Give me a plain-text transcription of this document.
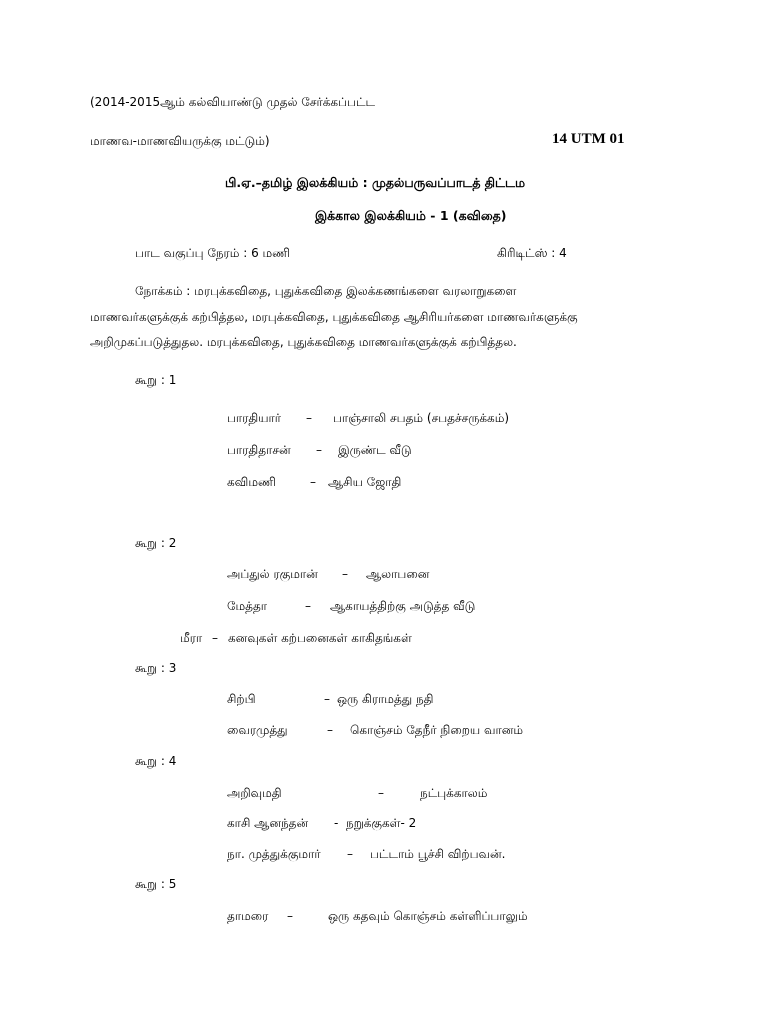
(2014-2015ஆம் கல்வியாண்டு முதல் சேர்க்கப்பட்ட
மாணவ-மாணவியருக்கு மட்டும்)	14 UTM 01
பி.ஏ.–தமிழ் இலக்கியம் : முதல்பருவப்பாடத் திட்டம
இக்கால இலக்கியம் - 1 (கவிதை)
பாட வகுப்பு நேரம் : 6 மணி	கிரிடிட்ஸ் : 4
நோக்கம் : மரபுக்கவிதை, புதுக்கவிதை இலக்கணங்களை வரலாறுகளை
மாணவர்களுக்குக் கற்பித்தல, மரபுக்கவிதை, புதுக்கவிதை ஆசிரியர்களை மாணவர்களுக்கு
அறிமுகப்படுத்துதல. மரபுக்கவிதை, புதுக்கவிதை மாணவர்களுக்குக் கற்பித்தல.
கூறு : 1
பாரதியார் – பாஞ்சாலி சபதம் (சபதச்சருக்கம்)
பாரதிதாசன் – இருண்ட வீடு
கவிமணி	– ஆசிய ஜோதி
கூறு : 2
அப்துல் ரகுமான் – ஆலாபனை
மேத்தா	– ஆகாயத்திற்கு அடுத்த வீடு
மீரா – கனவுகள் கற்பனைகள் காகிதங்கள்
கூறு : 3
சிற்பி	– ஒரு கிராமத்து நதி
வைரமுத்து	– கொஞ்சம் தேநீர் நிறைய வானம்
கூறு : 4
அறிவுமதி	–	நட்புக்காலம்
காசி ஆனந்தன் - நறுக்குகள்- 2
நா. முத்துக்குமார் – பட்டாம் பூச்சி விற்பவன்.
கூறு : 5
தாமரை –	ஒரு கதவும் கொஞ்சம் கள்ளிப்பாலும்
